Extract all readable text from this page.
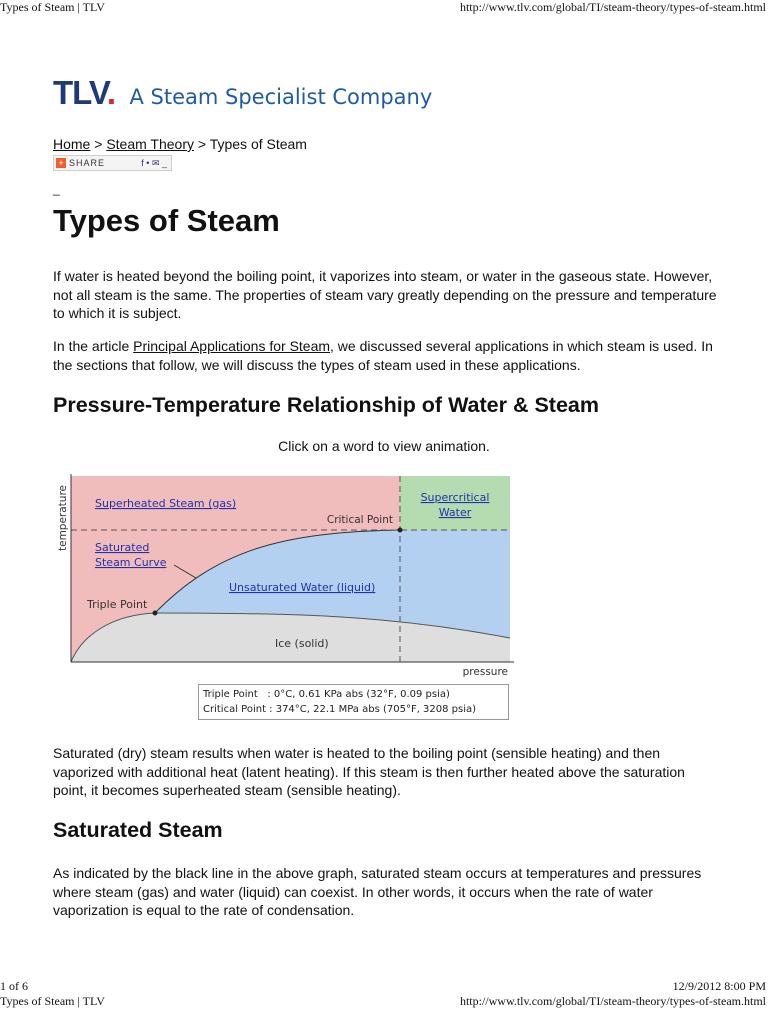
Types of Steam | TLV	http://www.tlv.com/global/TI/steam-theory/types-of-steam.html
TLV. A Steam Specialist Company
Home > Steam Theory > Types of Steam
+ SHARE	f • ✉ _
_
Types of Steam

If water is heated beyond the boiling point, it vaporizes into steam, or water in the gaseous state. However, not all steam is the same. The properties of steam vary greatly depending on the pressure and temperature to which it is subject.

In the article Principal Applications for Steam, we discussed several applications in which steam is used. In the sections that follow, we will discuss the types of steam used in these applications.

Pressure-Temperature Relationship of Water & Steam
Click on a word to view animation.
temperature
pressure
Superheated Steam (gas)	Supercritical
Water
Critical Point
Saturated
Steam Curve
Unsaturated Water (liquid)
Triple Point
Ice (solid)
Triple Point   : 0°C, 0.61 KPa abs (32°F, 0.09 psia)
Critical Point : 374°C, 22.1 MPa abs (705°F, 3208 psia)

Saturated (dry) steam results when water is heated to the boiling point (sensible heating) and then vaporized with additional heat (latent heating). If this steam is then further heated above the saturation point, it becomes superheated steam (sensible heating).

Saturated Steam

As indicated by the black line in the above graph, saturated steam occurs at temperatures and pressures where steam (gas) and water (liquid) can coexist. In other words, it occurs when the rate of water vaporization is equal to the rate of condensation.

1 of 6	12/9/2012 8:00 PM
Types of Steam | TLV	http://www.tlv.com/global/TI/steam-theory/types-of-steam.html
